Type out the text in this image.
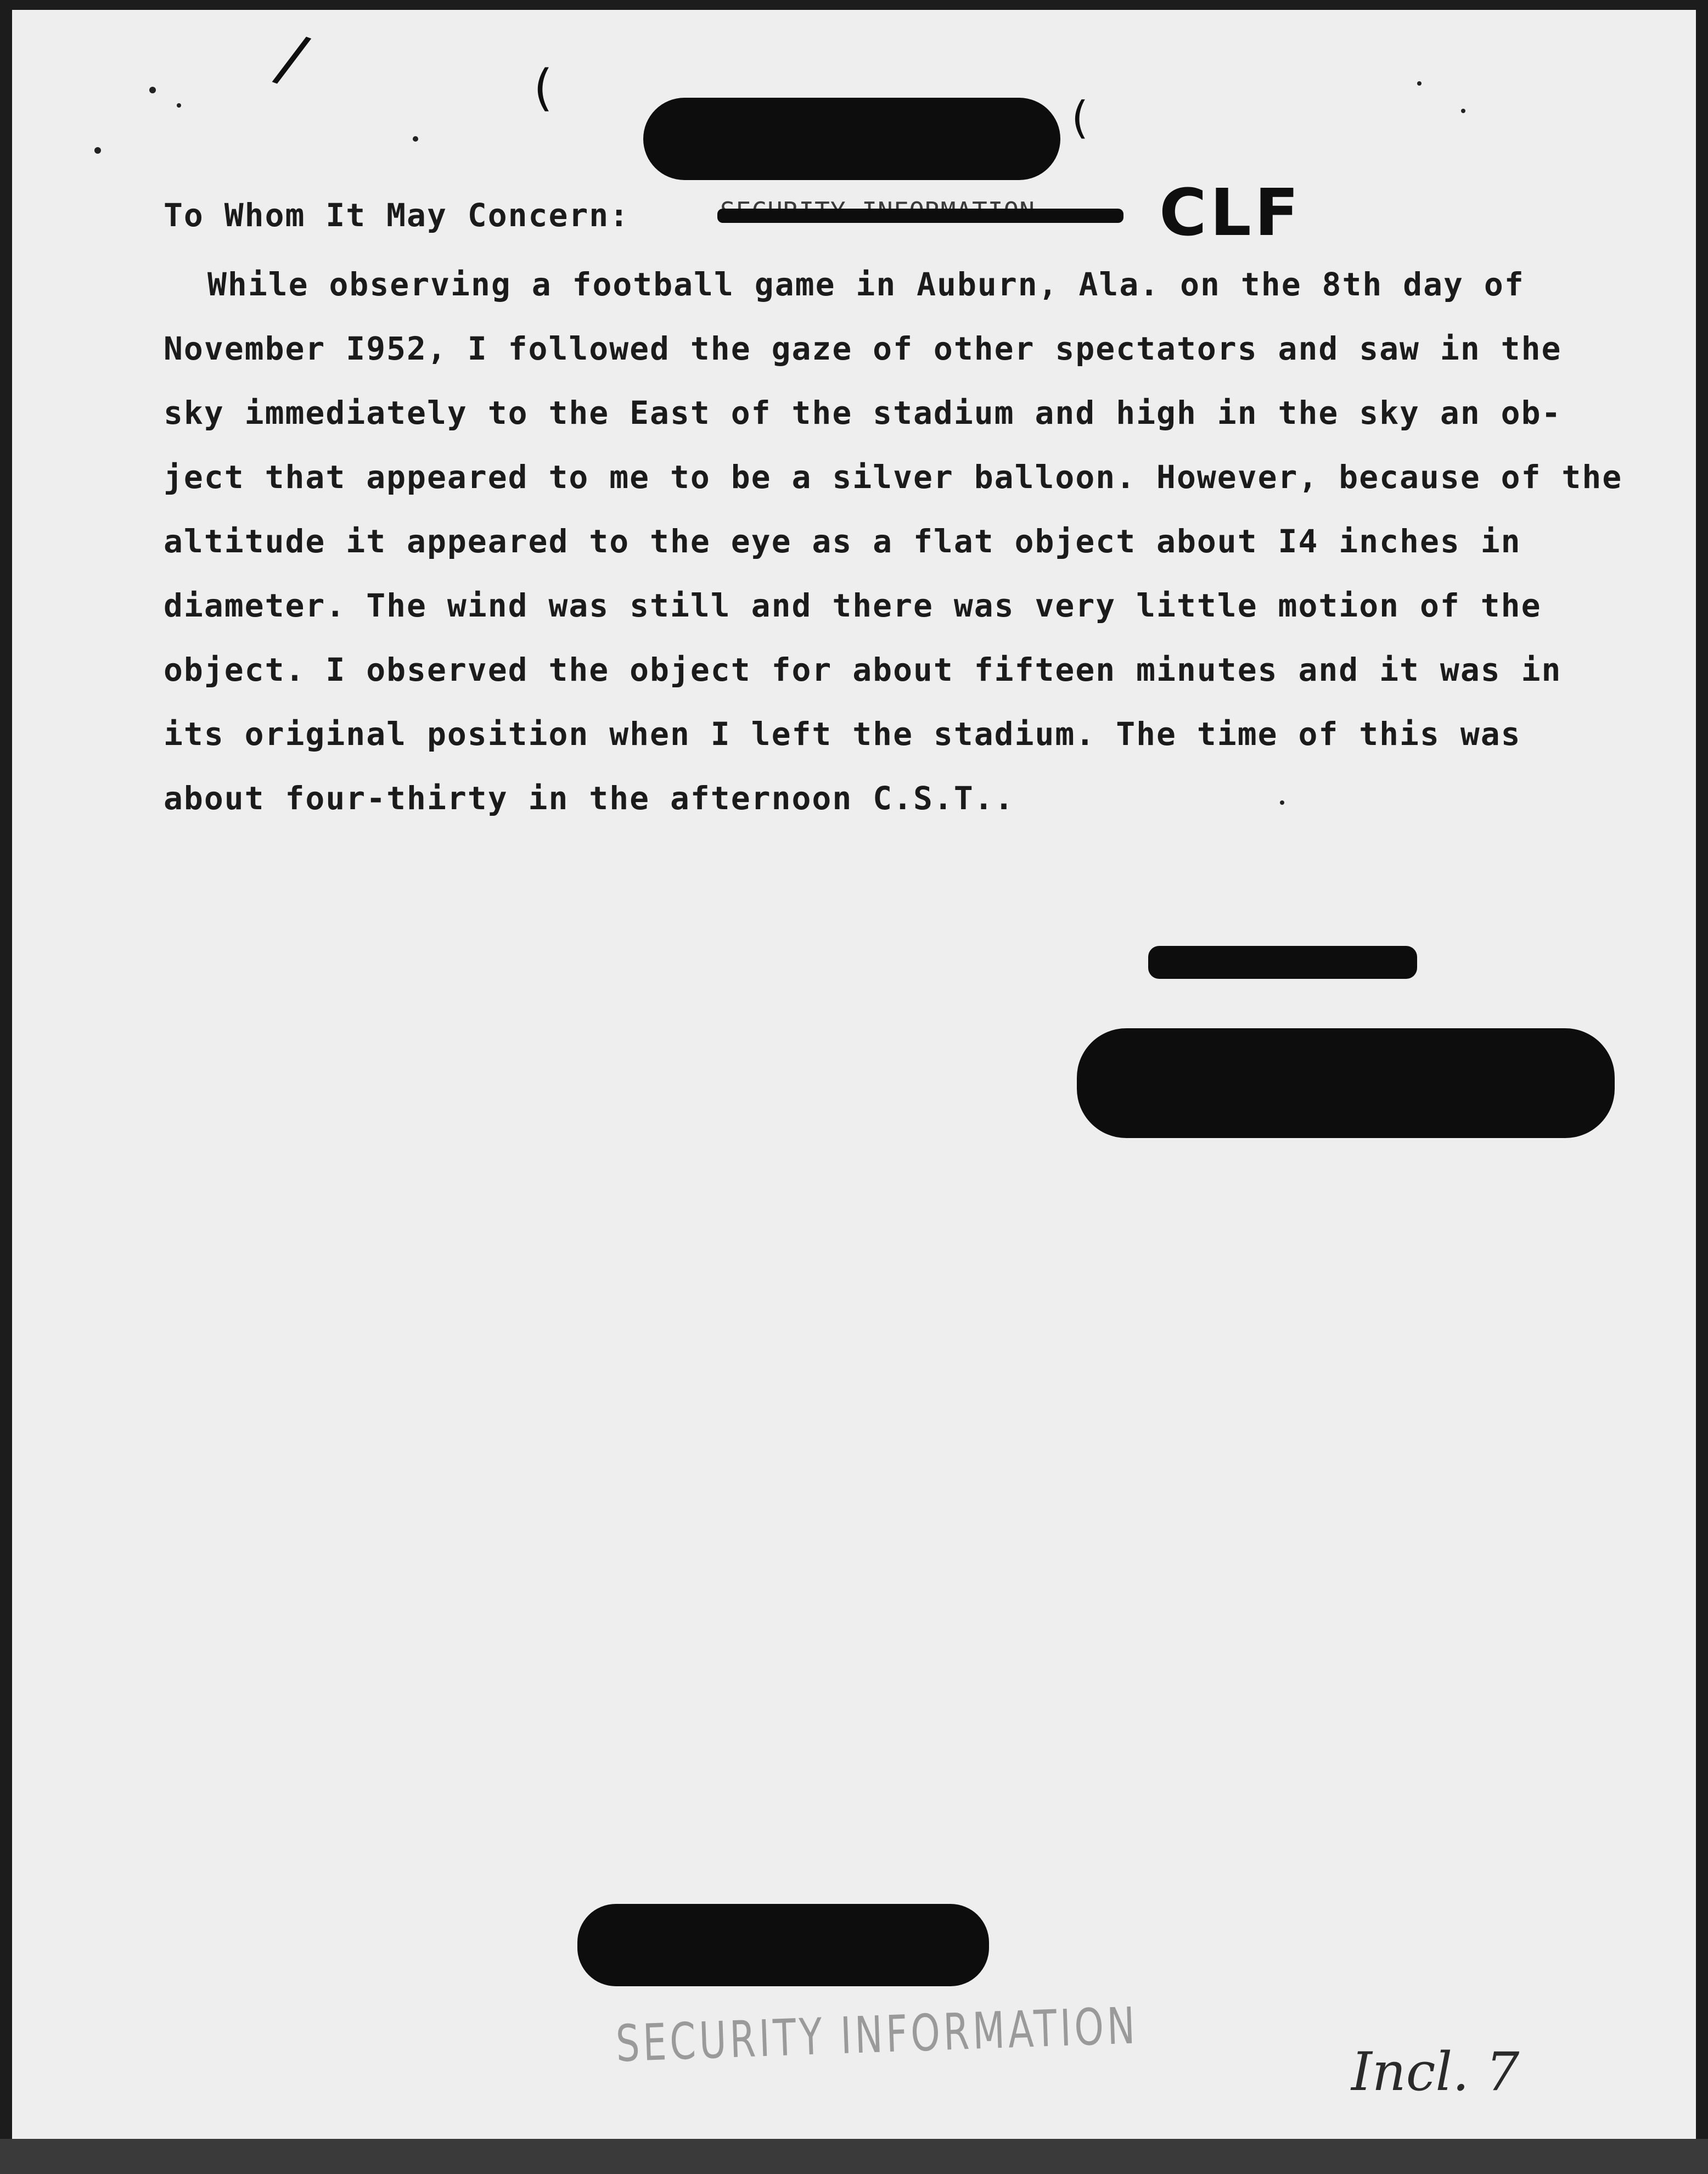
/	(
(
CLF
To Whom It May Concern:
While observing a football game in Auburn, Ala. on the 8th day of
November I952, I followed the gaze of other spectators and saw in the
sky immediately to the East of the stadium and high in the sky an ob-
ject that appeared to me to be a silver balloon. However, because of the
altitude it appeared to the eye as a flat object about I4 inches in
diameter. The wind was still and there was very little motion of the
object. I observed the object for about fifteen minutes and it was in
its original position when I left the stadium. The time of this was
about four-thirty in the afternoon C.S.T..
SECURITY INFORMATION	Incl. 7
